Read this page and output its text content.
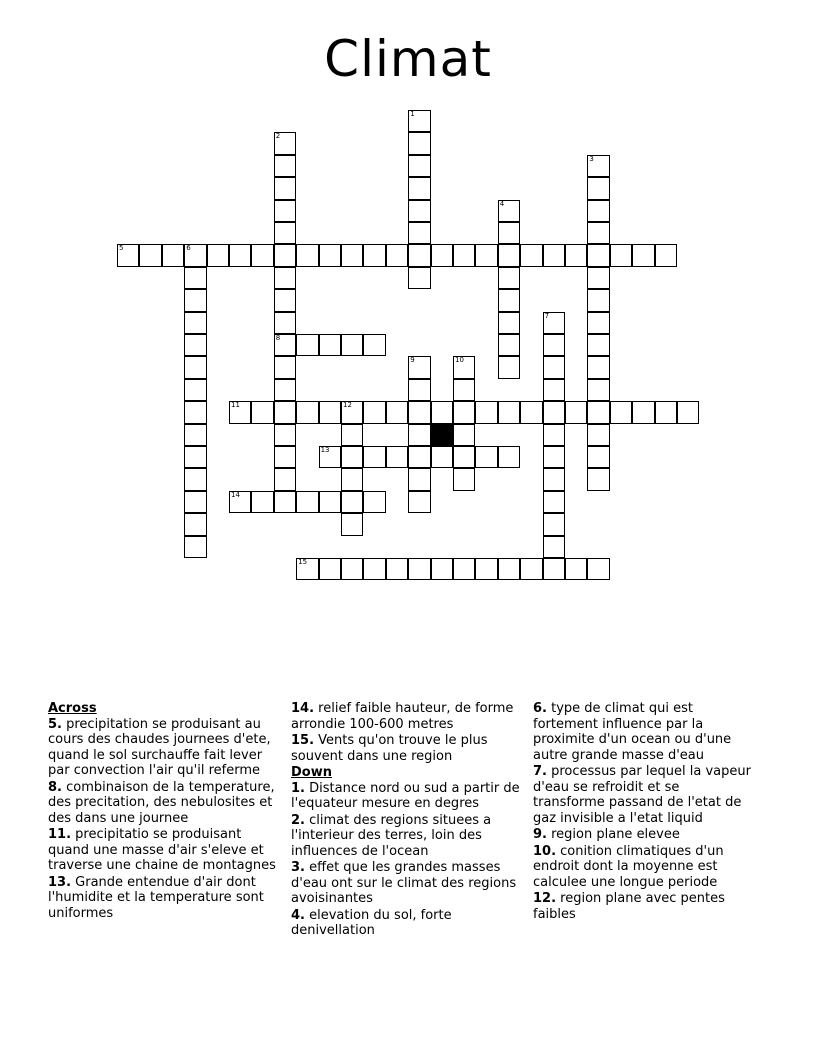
Climat
1
2
8
3
4
5	6
7
9	10
11	12
13
14
15
Across
5. precipitation se produisant au cours des chaudes journees d'ete, quand le sol surchauffe fait lever par convection l'air qu'il referme
8. combinaison de la temperature, des precitation, des nebulosites et des dans une journee
11. precipitatio se produisant quand une masse d'air s'eleve et traverse une chaine de montagnes
13. Grande entendue d'air dont l'humidite et la temperature sont uniformes
14. relief faible hauteur, de forme arrondie 100-600 metres
15. Vents qu'on trouve le plus souvent dans une region
Down
1. Distance nord ou sud a partir de l'equateur mesure en degres
2. climat des regions situees a l'interieur des terres, loin des influences de l'ocean
3. effet que les grandes masses d'eau ont sur le climat des regions avoisinantes
4. elevation du sol, forte denivellation
6. type de climat qui est fortement influence par la proximite d'un ocean ou d'une autre grande masse d'eau
7. processus par lequel la vapeur d'eau se refroidit et se transforme passand de l'etat de gaz invisible a l'etat liquid
9. region plane elevee
10. conition climatiques d'un endroit dont la moyenne est calculee une longue periode
12. region plane avec pentes faibles
